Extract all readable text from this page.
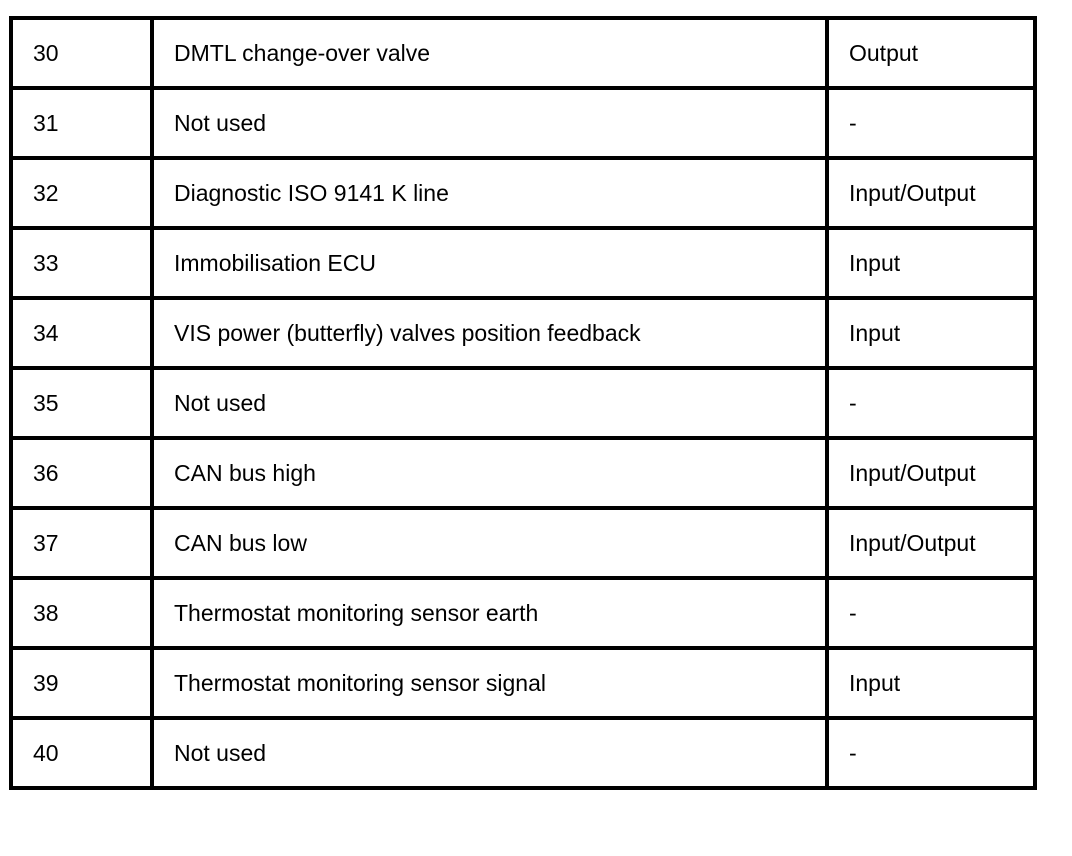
30	DMTL change-over valve	Output
31	Not used	-
32	Diagnostic ISO 9141 K line	Input/Output
33	Immobilisation ECU	Input
34	VIS power (butterfly) valves position feedback	Input
35	Not used	-
36	CAN bus high	Input/Output
37	CAN bus low	Input/Output
38	Thermostat monitoring sensor earth	-
39	Thermostat monitoring sensor signal	Input
40	Not used	-
